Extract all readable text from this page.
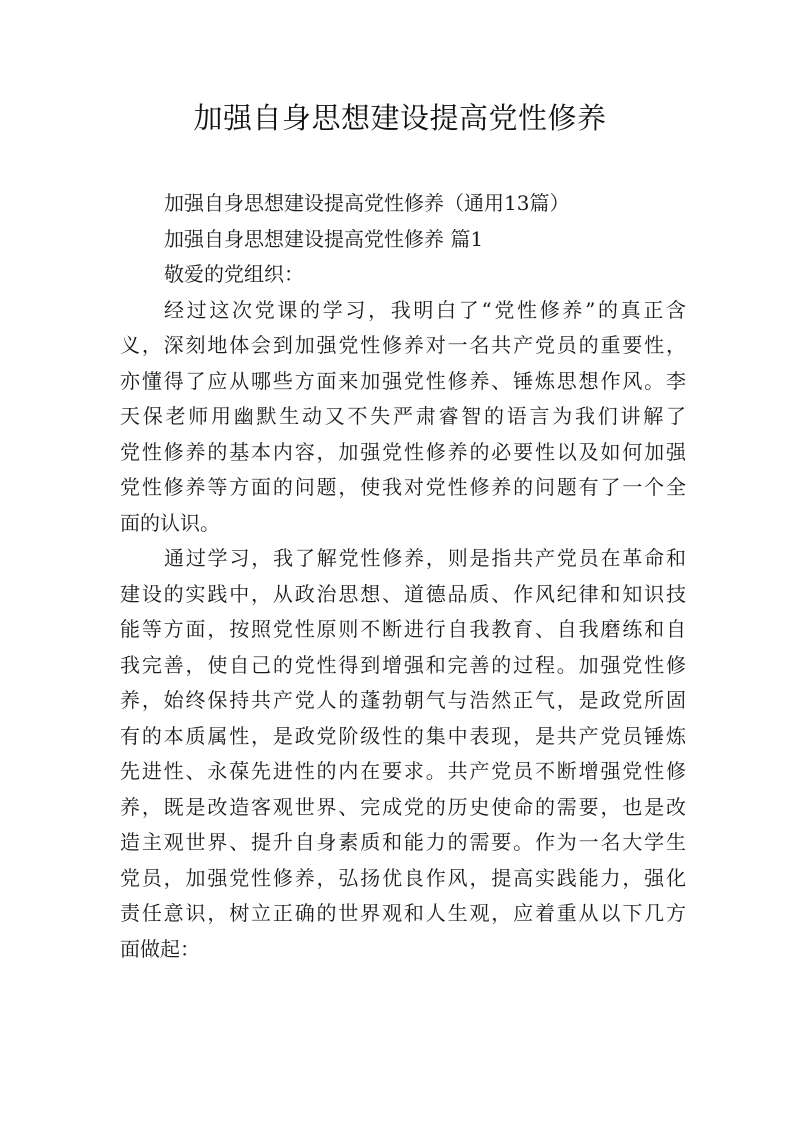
加强自身思想建设提高党性修养

加强自身思想建设提高党性修养（通用13篇）

加强自身思想建设提高党性修养 篇1

敬爱的党组织：

经过这次党课的学习，我明白了“党性修养”的真正含

义，深刻地体会到加强党性修养对一名共产党员的重要性，

亦懂得了应从哪些方面来加强党性修养、锤炼思想作风。李

天保老师用幽默生动又不失严肃睿智的语言为我们讲解了

党性修养的基本内容，加强党性修养的必要性以及如何加强

党性修养等方面的问题，使我对党性修养的问题有了一个全

面的认识。

通过学习，我了解党性修养，则是指共产党员在革命和

建设的实践中，从政治思想、道德品质、作风纪律和知识技

能等方面，按照党性原则不断进行自我教育、自我磨练和自

我完善，使自己的党性得到增强和完善的过程。加强党性修

养，始终保持共产党人的蓬勃朝气与浩然正气，是政党所固

有的本质属性，是政党阶级性的集中表现，是共产党员锤炼

先进性、永葆先进性的内在要求。共产党员不断增强党性修

养，既是改造客观世界、完成党的历史使命的需要，也是改

造主观世界、提升自身素质和能力的需要。作为一名大学生

党员，加强党性修养，弘扬优良作风，提高实践能力，强化

责任意识，树立正确的世界观和人生观，应着重从以下几方

面做起：
